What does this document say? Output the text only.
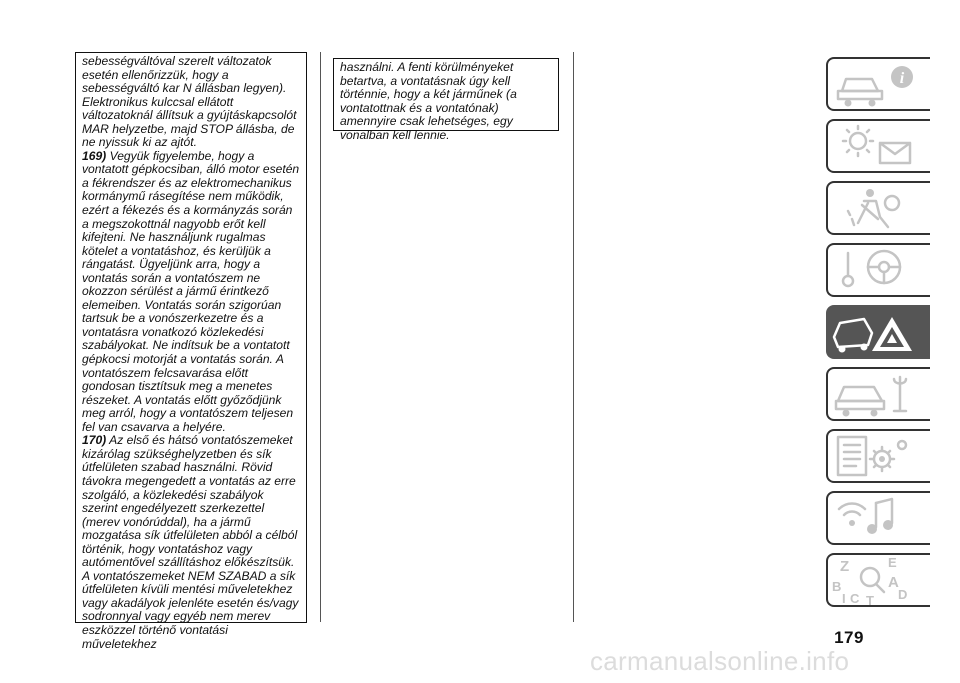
sebességváltóval szerelt változatok esetén ellenőrizzük, hogy a sebességváltó kar N állásban legyen). Elektronikus kulccsal ellátott változatoknál állítsuk a gyújtáskapcsolót MAR helyzetbe, majd STOP állásba, de ne nyissuk ki az ajtót.

169) Vegyük figyelembe, hogy a vontatott gépkocsiban, álló motor esetén a fékrendszer és az elektromechanikus kormánymű rásegítése nem működik, ezért a fékezés és a kormányzás során a megszokottnál nagyobb erőt kell kifejteni. Ne használjunk rugalmas kötelet a vontatáshoz, és kerüljük a rángatást. Ügyeljünk arra, hogy a vontatás során a vontatószem ne okozzon sérülést a jármű érintkező elemeiben. Vontatás során szigorúan tartsuk be a vonószerkezetre és a vontatásra vonatkozó közlekedési szabályokat. Ne indítsuk be a vontatott gépkocsi motorját a vontatás során. A vontatószem felcsavarása előtt gondosan tisztítsuk meg a menetes részeket. A vontatás előtt győződjünk meg arról, hogy a vontatószem teljesen fel van csavarva a helyére.

170) Az első és hátsó vontatószemeket kizárólag szükséghelyzetben és sík útfelületen szabad használni. Rövid távokra megengedett a vontatás az erre szolgáló, a közlekedési szabályok szerint engedélyezett szerkezettel (merev vonórúddal), ha a jármű mozgatása sík útfelületen abból a célból történik, hogy vontatáshoz vagy autómentővel szállításhoz előkészítsük. A vontatószemeket NEM SZABAD a sík útfelületen kívüli mentési műveletekhez vagy akadályok jelenléte esetén és/vagy sodronnyal vagy egyéb nem merev eszközzel történő vontatási műveletekhez

használni. A fenti körülményeket betartva, a vontatásnak úgy kell történnie, hogy a két járműnek (a vontatottnak és a vontatónak) amennyire csak lehetséges, egy vonalban kell lennie.

i
Z	E
A
B
D
C T
I
179
carmanualsonline.info
